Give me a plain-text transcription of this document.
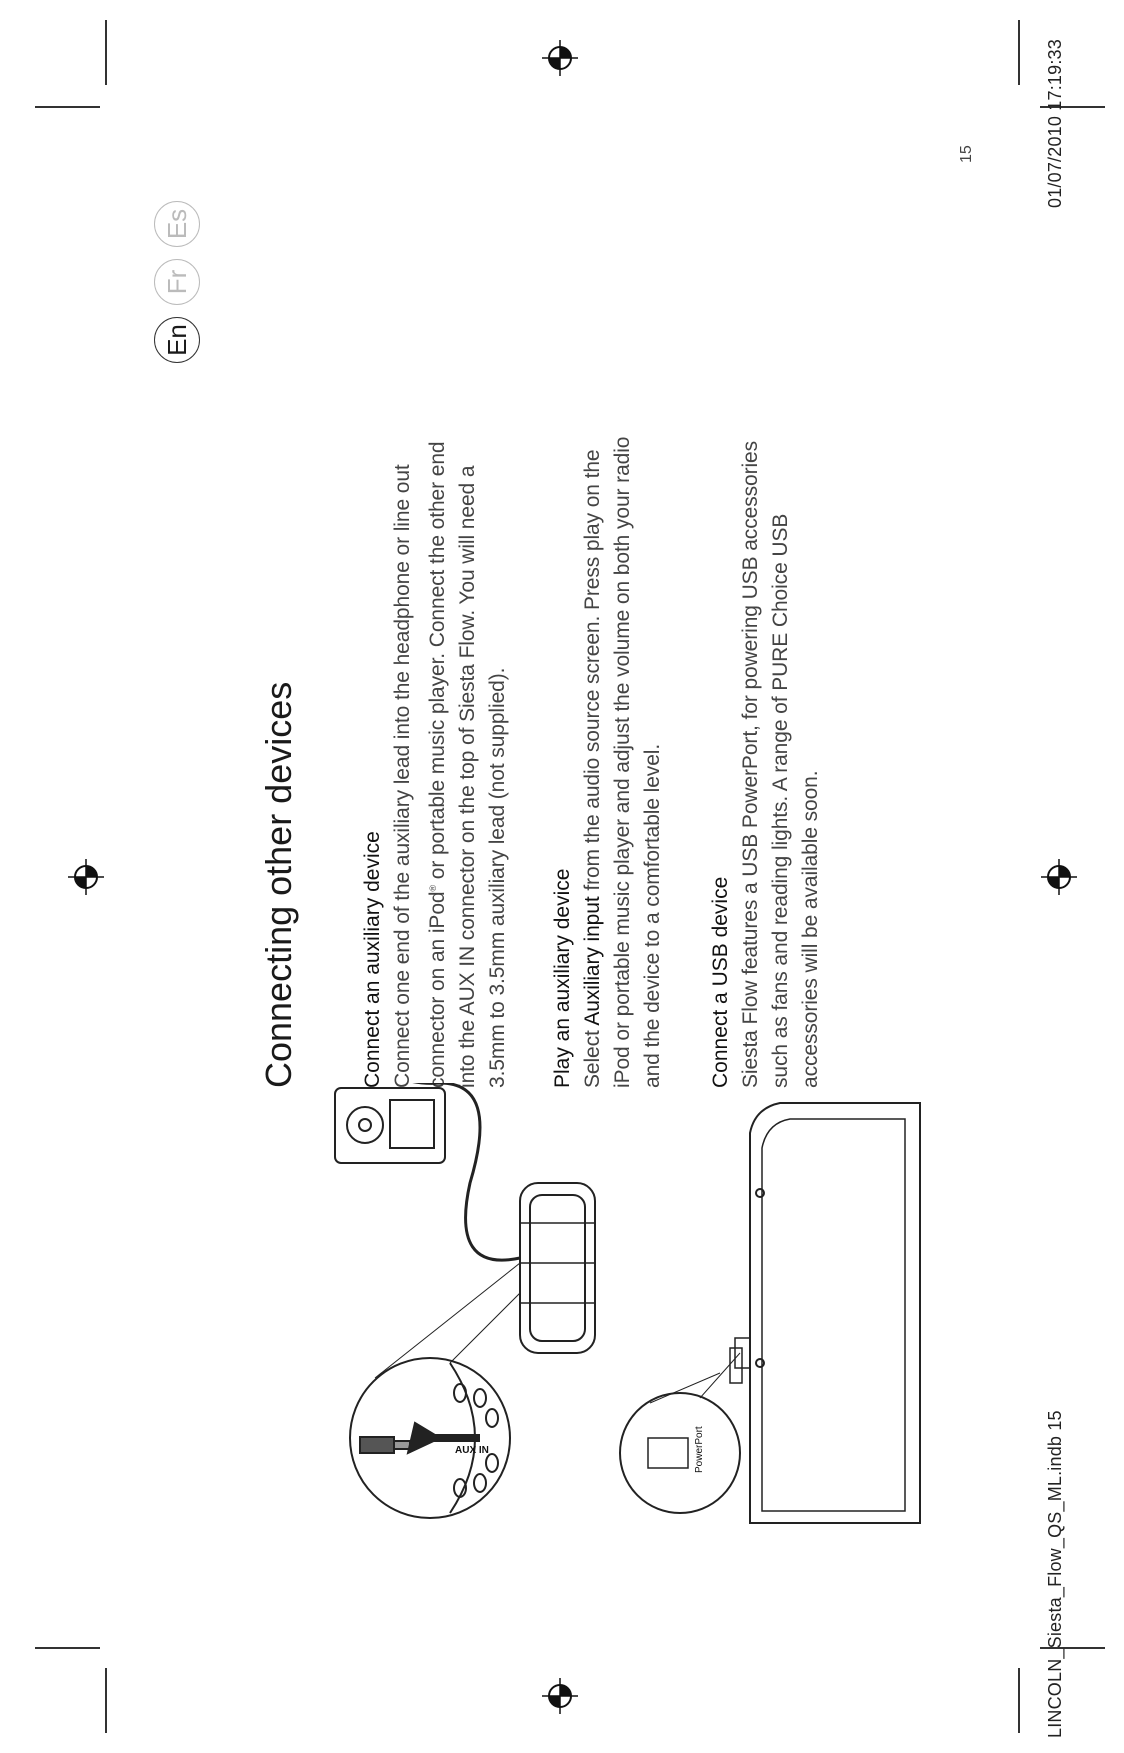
LINCOLN_Siesta_Flow_QS_ML.indb 15
01/07/2010 17:19:33
15
En
Fr
Es
Connecting other devices	Connect an auxiliary device Connect one end of the auxiliary lead into the headphone or line out connector on an iPod® or portable music player. Connect the other end into the AUX IN connector on the top of Siesta Flow. You will need a 3.5mm to 3.5mm auxiliary lead (not supplied). Play an auxiliary device Select Auxiliary input from the audio source screen. Press play on the iPod or portable music player and adjust the volume on both your radio and the device to a comfortable level. Connect a USB device Siesta Flow features a USB PowerPort, for powering USB accessories such as fans and reading lights. A range of PURE Choice USB accessories will be available soon.

AUX IN	PowerPort
